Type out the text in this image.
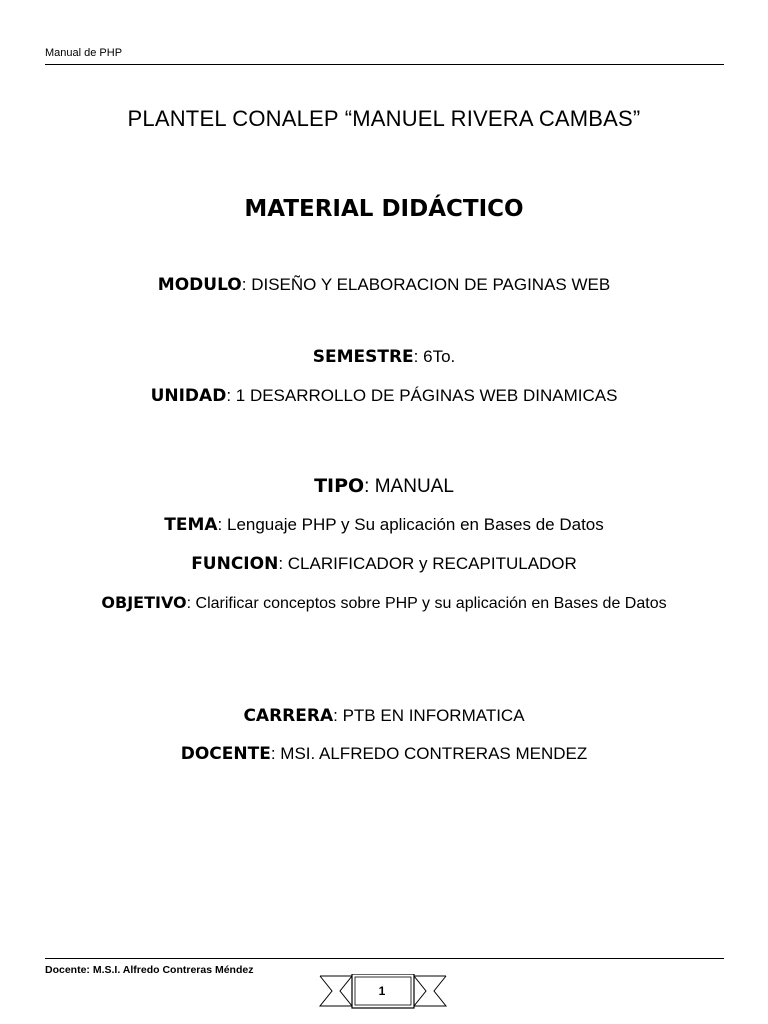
Manual de PHP
PLANTEL CONALEP “MANUEL RIVERA CAMBAS”
MATERIAL DIDÁCTICO
MODULO: DISEÑO Y ELABORACION DE PAGINAS WEB
SEMESTRE: 6To.
UNIDAD: 1 DESARROLLO DE PÁGINAS WEB DINAMICAS
TIPO: MANUAL
TEMA: Lenguaje PHP y Su aplicación en Bases de Datos
FUNCION: CLARIFICADOR y RECAPITULADOR
OBJETIVO: Clarificar conceptos sobre PHP y su aplicación en Bases de Datos
CARRERA: PTB EN INFORMATICA
DOCENTE: MSI. ALFREDO CONTRERAS MENDEZ
Docente: M.S.I. Alfredo Contreras Méndez
1
